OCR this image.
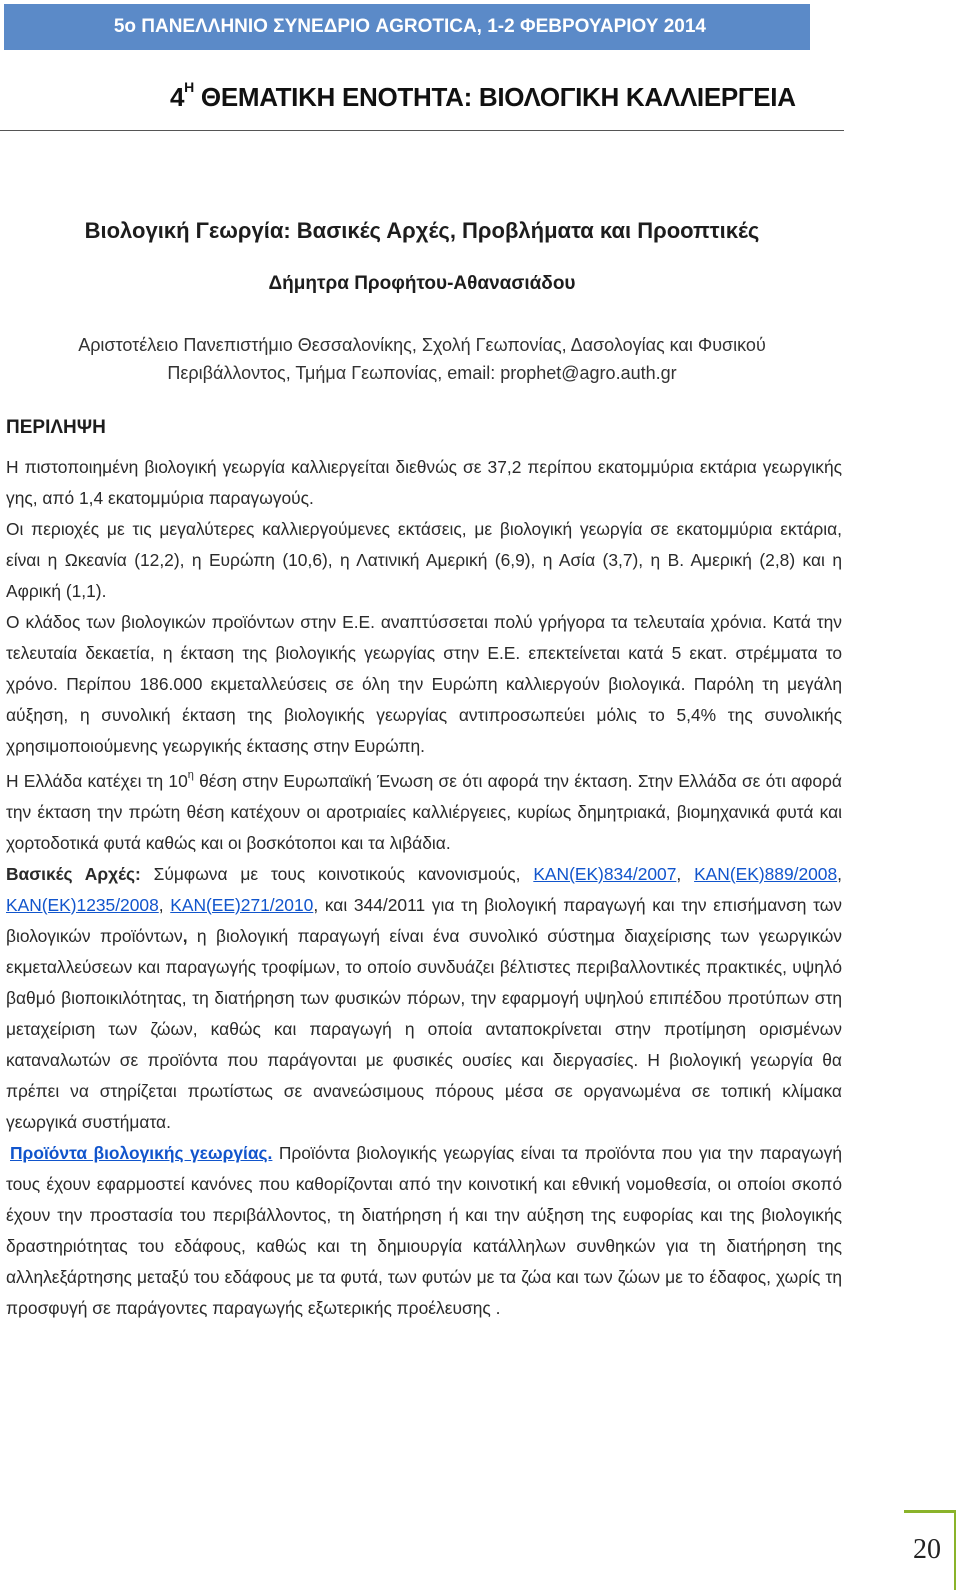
5ο ΠΑΝΕΛΛΗΝΙΟ ΣΥΝΕΔΡΙΟ AGROTICA, 1-2 ΦΕΒΡΟΥΑΡΙΟΥ 2014
$4^H$ ΘΕΜΑΤΙΚΗ ΕΝΟΤΗΤΑ: ΒΙΟΛΟΓΙΚΗ ΚΑΛΛΙΕΡΓΕΙΑ
Βιολογική Γεωργία: Βασικές Αρχές, Προβλήματα και Προοπτικές
Δήμητρα Προφήτου-Αθανασιάδου
Αριστοτέλειο Πανεπιστήμιο Θεσσαλονίκης, Σχολή Γεωπονίας, Δασολογίας και Φυσικού
Περιβάλλοντος, Τμήμα Γεωπονίας, email: prophet@agro.auth.gr
ΠΕΡΙΛΗΨΗ

Η πιστοποιημένη βιολογική γεωργία καλλιεργείται διεθνώς σε 37,2 περίπου εκατομμύρια εκτάρια γεωργικής γης, από 1,4 εκατομμύρια παραγωγούς.

Οι περιοχές με τις μεγαλύτερες καλλιεργούμενες εκτάσεις, με βιολογική γεωργία σε εκατομμύρια εκτάρια, είναι η Ωκεανία (12,2), η Ευρώπη (10,6), η Λατινική Αμερική (6,9), η Ασία (3,7), η Β. Αμερική (2,8) και η Αφρική (1,1).

Ο κλάδος των βιολογικών προϊόντων στην Ε.Ε. αναπτύσσεται πολύ γρήγορα τα τελευταία χρόνια. Κατά την τελευταία δεκαετία, η έκταση της βιολογικής γεωργίας στην Ε.Ε. επεκτείνεται κατά 5 εκατ. στρέμματα το χρόνο. Περίπου 186.000 εκμεταλλεύσεις σε όλη την Ευρώπη καλλιεργούν βιολογικά. Παρόλη τη μεγάλη αύξηση, η συνολική έκταση της βιολογικής γεωργίας αντιπροσωπεύει μόλις το 5,4% της συνολικής χρησιμοποιούμενης γεωργικής έκτασης στην Ευρώπη.

Η Ελλάδα κατέχει τη $10^\eta$ θέση στην Ευρωπαϊκή Ένωση σε ότι αφορά την έκταση. Στην Ελλάδα σε ότι αφορά την έκταση την πρώτη θέση κατέχουν οι αροτριαίες καλλιέργειες, κυρίως δημητριακά, βιομηχανικά φυτά και χορτοδοτικά φυτά καθώς και οι βοσκότοποι και τα λιβάδια.

Βασικές Αρχές: Σύμφωνα με τους κοινοτικούς κανονισμούς, ΚΑΝ(ΕΚ)834/2007, ΚΑΝ(ΕΚ)889/2008, ΚΑΝ(ΕΚ)1235/2008, ΚΑΝ(ΕΕ)271/2010, και 344/2011 για τη βιολογική παραγωγή και την επισήμανση των βιολογικών προϊόντων, η βιολογική παραγωγή είναι ένα συνολικό σύστημα διαχείρισης των γεωργικών εκμεταλλεύσεων και παραγωγής τροφίμων, το οποίο συνδυάζει βέλτιστες περιβαλλοντικές πρακτικές, υψηλό βαθμό βιοποικιλότητας, τη διατήρηση των φυσικών πόρων, την εφαρμογή υψηλού επιπέδου προτύπων στη μεταχείριση των ζώων, καθώς και παραγωγή η οποία ανταποκρίνεται στην προτίμηση ορισμένων καταναλωτών σε προϊόντα που παράγονται με φυσικές ουσίες και διεργασίες. Η βιολογική γεωργία θα πρέπει να στηρίζεται πρωτίστως σε ανανεώσιμους πόρους μέσα σε οργανωμένα σε τοπική κλίμακα γεωργικά συστήματα.

Προϊόντα βιολογικής γεωργίας. Προϊόντα βιολογικής γεωργίας είναι τα προϊόντα που για την παραγωγή τους έχουν εφαρμοστεί κανόνες που καθορίζονται από την κοινοτική και εθνική νομοθεσία, οι οποίοι σκοπό έχουν την προστασία του περιβάλλοντος, τη διατήρηση ή και την αύξηση της ευφορίας και της βιολογικής δραστηριότητας του εδάφους, καθώς και τη δημιουργία κατάλληλων συνθηκών για τη διατήρηση της αλληλεξάρτησης μεταξύ του εδάφους με τα φυτά, των φυτών με τα ζώα και των ζώων με το έδαφος, χωρίς τη προσφυγή σε παράγοντες παραγωγής εξωτερικής προέλευσης .

20
